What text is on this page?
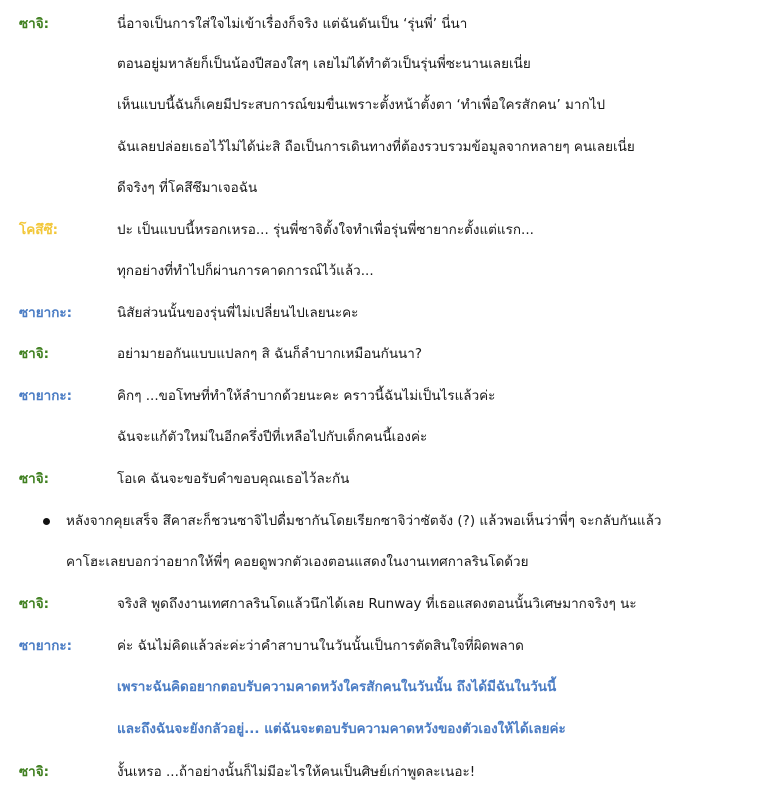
ซาจิ:	นี่อาจเป็นการใส่ใจไม่เข้าเรื่องก็จริง แต่ฉันดันเป็น ‘รุ่นพี่’ นี่นา
ตอนอยู่มหาลัยก็เป็นน้องปีสองใสๆ เลยไม่ได้ทำตัวเป็นรุ่นพี่ซะนานเลยเนี่ย
เห็นแบบนี้ฉันก็เคยมีประสบการณ์ขมขื่นเพราะตั้งหน้าตั้งตา ‘ทำเพื่อใครสักคน’ มากไป
ฉันเลยปล่อยเธอไว้ไม่ได้น่ะสิ ถือเป็นการเดินทางที่ต้องรวบรวมข้อมูลจากหลายๆ คนเลยเนี่ย
ดีจริงๆ ที่โคสึซึมาเจอฉัน
โคสึซึ:	ปะ เป็นแบบนี้หรอกเหรอ... รุ่นพี่ซาจิตั้งใจทำเพื่อรุ่นพี่ซายากะตั้งแต่แรก...
ทุกอย่างที่ทำไปก็ผ่านการคาดการณ์ไว้แล้ว...
ซายากะ:	นิสัยส่วนนั้นของรุ่นพี่ไม่เปลี่ยนไปเลยนะคะ
ซาจิ:	อย่ามายอกันแบบแปลกๆ สิ ฉันก็ลำบากเหมือนกันนา?
ซายากะ:	คิกๆ ...ขอโทษที่ทำให้ลำบากด้วยนะคะ คราวนี้ฉันไม่เป็นไรแล้วค่ะ
ฉันจะแก้ตัวใหม่ในอีกครึ่งปีที่เหลือไปกับเด็กคนนี้เองค่ะ
ซาจิ:	โอเค ฉันจะขอรับคำขอบคุณเธอไว้ละกัน
หลังจากคุยเสร็จ สึคาสะก็ชวนซาจิไปดื่มชากันโดยเรียกซาจิว่าซัตจัง (?) แล้วพอเห็นว่าพี่ๆ จะกลับกันแล้ว
คาโฮะเลยบอกว่าอยากให้พี่ๆ คอยดูพวกตัวเองตอนแสดงในงานเทศกาลรินโดด้วย
ซาจิ:	จริงสิ พูดถึงงานเทศกาลรินโดแล้วนึกได้เลย Runway ที่เธอแสดงตอนนั้นวิเศษมากจริงๆ นะ
ซายากะ:	ค่ะ ฉันไม่คิดแล้วล่ะค่ะว่าคำสาบานในวันนั้นเป็นการตัดสินใจที่ผิดพลาด
เพราะฉันคิดอยากตอบรับความคาดหวังใครสักคนในวันนั้น ถึงได้มีฉันในวันนี้
และถึงฉันจะยังกลัวอยู่... แต่ฉันจะตอบรับความคาดหวังของตัวเองให้ได้เลยค่ะ
ซาจิ:	งั้นเหรอ ...ถ้าอย่างนั้นก็ไม่มีอะไรให้คนเป็นศิษย์เก่าพูดละเนอะ!
